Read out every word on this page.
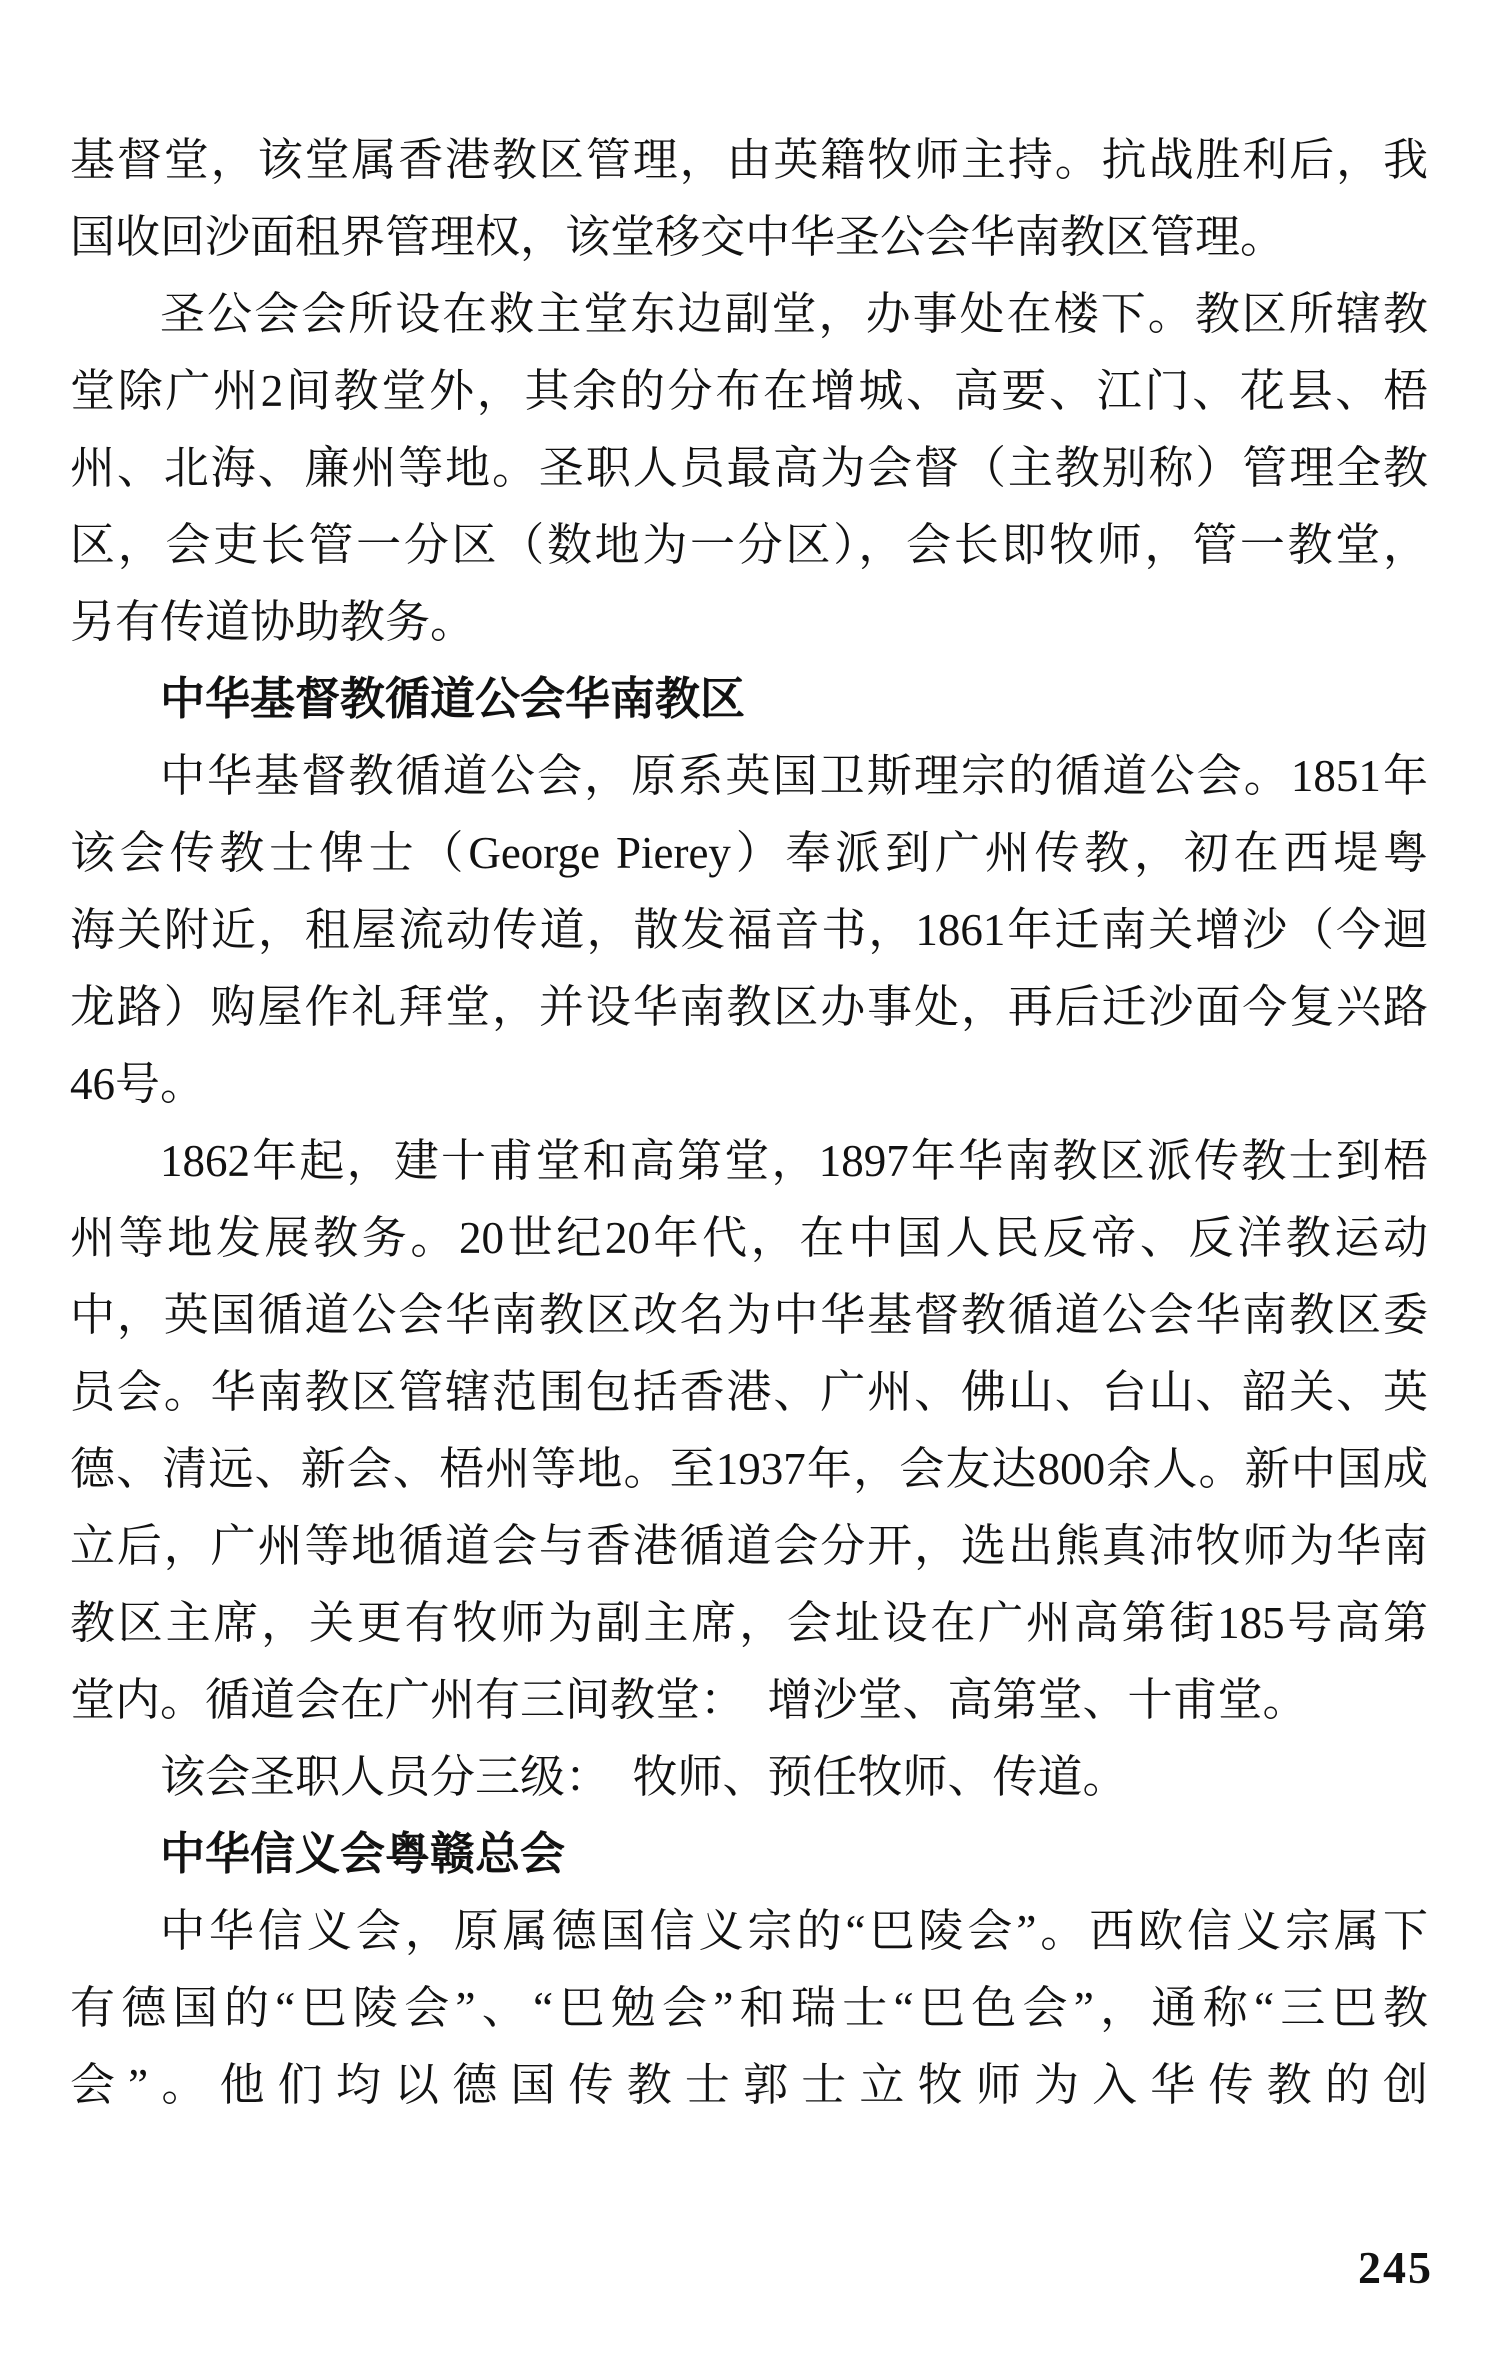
基督堂，该堂属香港教区管理，由英籍牧师主持。抗战胜利后，我
国收回沙面租界管理权，该堂移交中华圣公会华南教区管理。
圣公会会所设在救主堂东边副堂，办事处在楼下。教区所辖教
堂除广州2间教堂外，其余的分布在增城、高要、江门、花县、梧
州、北海、廉州等地。圣职人员最高为会督（主教别称）管理全教
区，会吏长管一分区（数地为一分区），会长即牧师，管一教堂，
另有传道协助教务。
中华基督教循道公会华南教区
中华基督教循道公会，原系英国卫斯理宗的循道公会。1851年
该会传教士俾士（George Pierey）奉派到广州传教，初在西堤粤
海关附近，租屋流动传道，散发福音书，1861年迁南关增沙（今迴
龙路）购屋作礼拜堂，并设华南教区办事处，再后迁沙面今复兴路
46号。
1862年起，建十甫堂和高第堂，1897年华南教区派传教士到梧
州等地发展教务。20世纪20年代，在中国人民反帝、反洋教运动
中，英国循道公会华南教区改名为中华基督教循道公会华南教区委
员会。华南教区管辖范围包括香港、广州、佛山、台山、韶关、英
德、清远、新会、梧州等地。至1937年，会友达800余人。新中国成
立后，广州等地循道会与香港循道会分开，选出熊真沛牧师为华南
教区主席，关更有牧师为副主席，会址设在广州高第街185号高第
堂内。循道会在广州有三间教堂：　增沙堂、高第堂、十甫堂。
该会圣职人员分三级：　牧师、预任牧师、传道。
中华信义会粤赣总会
中华信义会，原属德国信义宗的“巴陵会”。西欧信义宗属下
有德国的“巴陵会”、“巴勉会”和瑞士“巴色会”，通称“三巴教
会”。他们均以德国传教士郭士立牧师为入华传教的创
245
